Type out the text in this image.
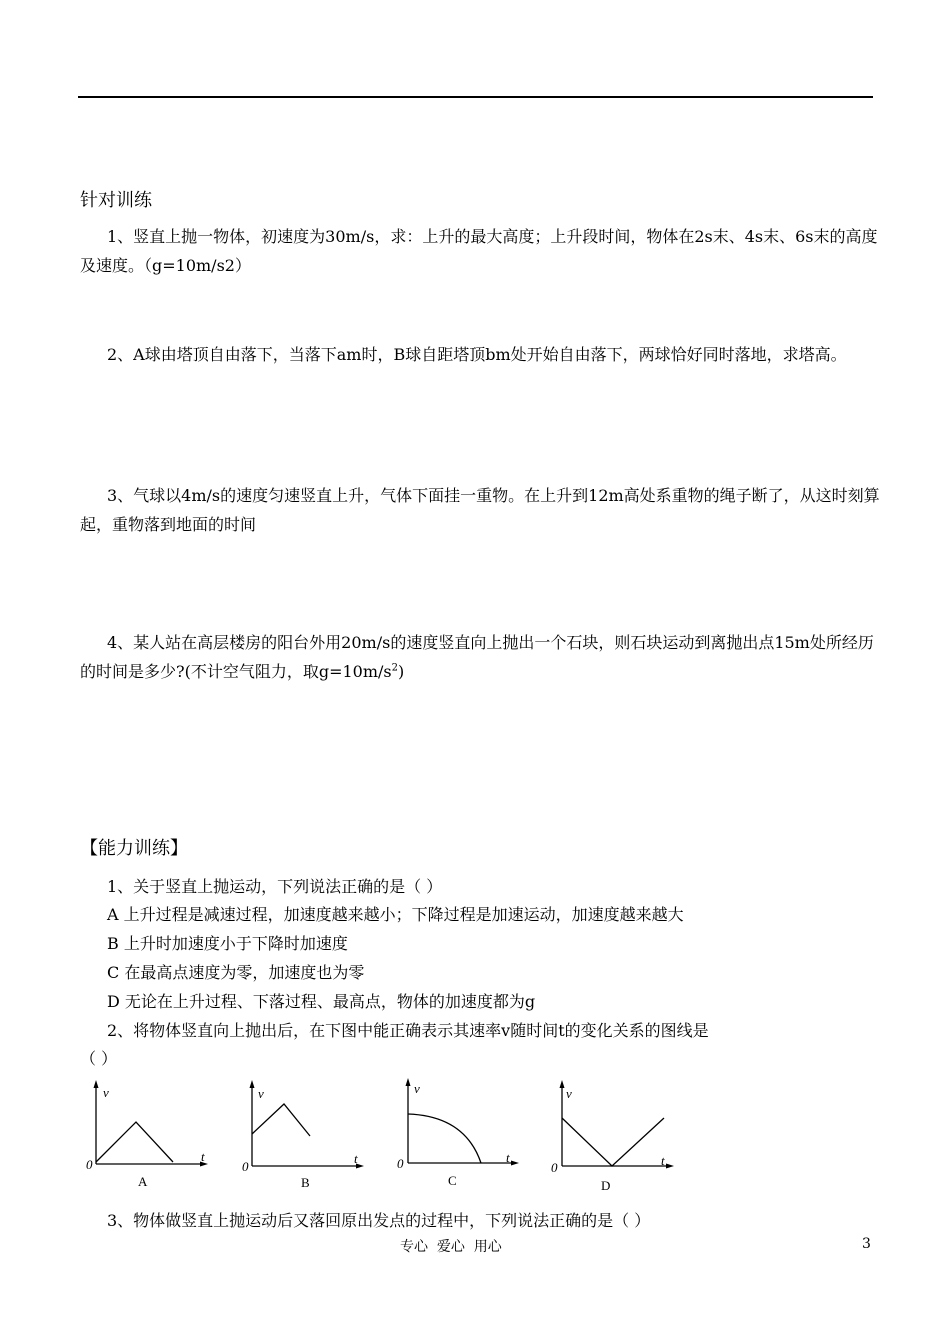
针对训练
1、竖直上抛一物体，初速度为30m/s，求：上升的最大高度；上升段时间，物体在2s末、4s末、6s末的高度及速度。（g=10m/s2）
2、A球由塔顶自由落下，当落下am时，B球自距塔顶bm处开始自由落下，两球恰好同时落地，求塔高。
3、气球以4m/s的速度匀速竖直上升，气体下面挂一重物。在上升到12m高处系重物的绳子断了，从这时刻算起，重物落到地面的时间
4、某人站在高层楼房的阳台外用20m/s的速度竖直向上抛出一个石块，则石块运动到离抛出点15m处所经历的时间是多少?(不计空气阻力，取$g=10m/s^2$)
【能力训练】
1、关于竖直上抛运动，下列说法正确的是（ ）
A 上升过程是减速过程，加速度越来越小；下降过程是加速运动，加速度越来越大
B 上升时加速度小于下降时加速度
C 在最高点速度为零，加速度也为零
D 无论在上升过程、下落过程、最高点，物体的加速度都为g
2、将物体竖直向上抛出后，在下图中能正确表示其速率v随时间t的变化关系的图线是
（ ）
v
t
0
A
v
t
0
B
v
t
0
C
v
t
0
D
3、物体做竖直上抛运动后又落回原出发点的过程中，下列说法正确的是（ ）
专心  爱心  用心	3
